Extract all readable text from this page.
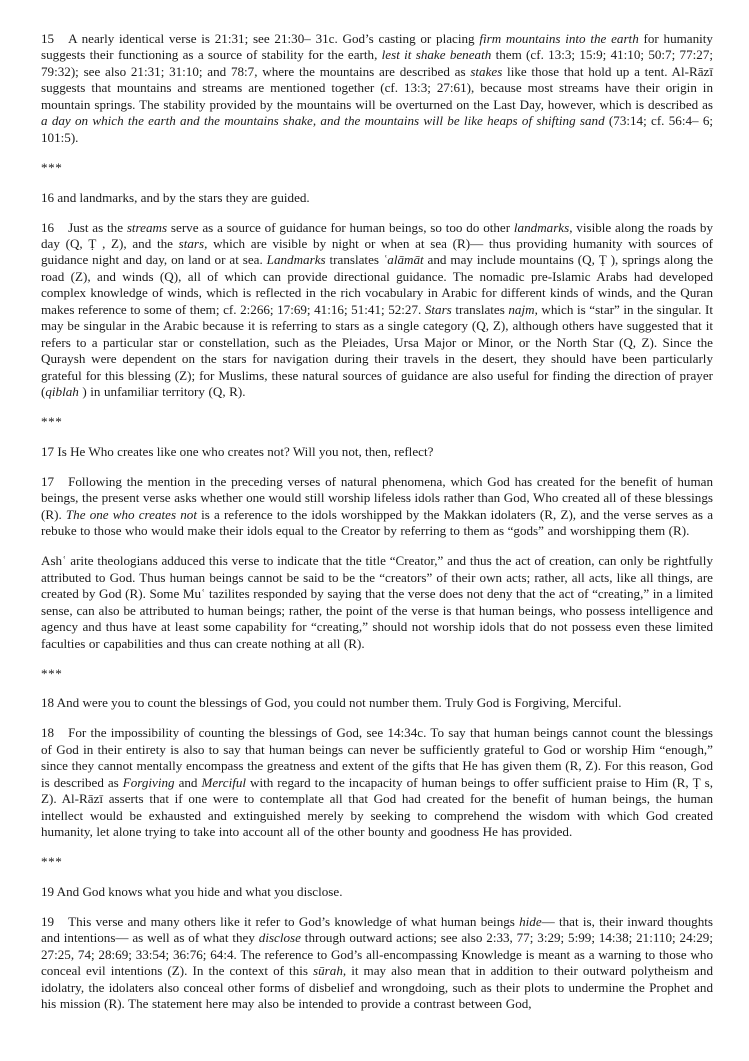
15 A nearly identical verse is 21:31; see 21:30– 31c. God’s casting or placing firm mountains into the earth for humanity suggests their functioning as a source of stability for the earth, lest it shake beneath them (cf. 13:3; 15:9; 41:10; 50:7; 77:27; 79:32); see also 21:31; 31:10; and 78:7, where the mountains are described as stakes like those that hold up a tent. Al-Rāzī suggests that mountains and streams are mentioned together (cf. 13:3; 27:61), because most streams have their origin in mountain springs. The stability provided by the mountains will be overturned on the Last Day, however, which is described as a day on which the earth and the mountains shake, and the mountains will be like heaps of shifting sand (73:14; cf. 56:4– 6; 101:5).

***

16 and landmarks, and by the stars they are guided.

16 Just as the streams serve as a source of guidance for human beings, so too do other landmarks, visible along the roads by day (Q, Ṭ , Z), and the stars, which are visible by night or when at sea (R)— thus providing humanity with sources of guidance night and day, on land or at sea. Landmarks translates ʿalāmāt and may include mountains (Q, Ṭ ), springs along the road (Z), and winds (Q), all of which can provide directional guidance. The nomadic pre-Islamic Arabs had developed complex knowledge of winds, which is reflected in the rich vocabulary in Arabic for different kinds of winds, and the Quran makes reference to some of them; cf. 2:266; 17:69; 41:16; 51:41; 52:27. Stars translates najm, which is “star” in the singular. It may be singular in the Arabic because it is referring to stars as a single category (Q, Z), although others have suggested that it refers to a particular star or constellation, such as the Pleiades, Ursa Major or Minor, or the North Star (Q, Z). Since the Quraysh were dependent on the stars for navigation during their travels in the desert, they should have been particularly grateful for this blessing (Z); for Muslims, these natural sources of guidance are also useful for finding the direction of prayer (qiblah ) in unfamiliar territory (Q, R).

***

17 Is He Who creates like one who creates not? Will you not, then, reflect?

17 Following the mention in the preceding verses of natural phenomena, which God has created for the benefit of human beings, the present verse asks whether one would still worship lifeless idols rather than God, Who created all of these blessings (R). The one who creates not is a reference to the idols worshipped by the Makkan idolaters (R, Z), and the verse serves as a rebuke to those who would make their idols equal to the Creator by referring to them as “gods” and worshipping them (R).

Ashʿ arite theologians adduced this verse to indicate that the title “Creator,” and thus the act of creation, can only be rightfully attributed to God. Thus human beings cannot be said to be the “creators” of their own acts; rather, all acts, like all things, are created by God (R). Some Muʿ tazilites responded by saying that the verse does not deny that the act of “creating,” in a limited sense, can also be attributed to human beings; rather, the point of the verse is that human beings, who possess intelligence and agency and thus have at least some capability for “creating,” should not worship idols that do not possess even these limited faculties or capabilities and thus can create nothing at all (R).

***

18 And were you to count the blessings of God, you could not number them. Truly God is Forgiving, Merciful.

18 For the impossibility of counting the blessings of God, see 14:34c. To say that human beings cannot count the blessings of God in their entirety is also to say that human beings can never be sufficiently grateful to God or worship Him “enough,” since they cannot mentally encompass the greatness and extent of the gifts that He has given them (R, Z). For this reason, God is described as Forgiving and Merciful with regard to the incapacity of human beings to offer sufficient praise to Him (R, Ṭ s, Z). Al-Rāzī asserts that if one were to contemplate all that God had created for the benefit of human beings, the human intellect would be exhausted and extinguished merely by seeking to comprehend the wisdom with which God created humanity, let alone trying to take into account all of the other bounty and goodness He has provided.

***

19 And God knows what you hide and what you disclose.

19 This verse and many others like it refer to God’s knowledge of what human beings hide— that is, their inward thoughts and intentions— as well as of what they disclose through outward actions; see also 2:33, 77; 3:29; 5:99; 14:38; 21:110; 24:29; 27:25, 74; 28:69; 33:54; 36:76; 64:4. The reference to God’s all-encompassing Knowledge is meant as a warning to those who conceal evil intentions (Z). In the context of this sūrah, it may also mean that in addition to their outward polytheism and idolatry, the idolaters also conceal other forms of disbelief and wrongdoing, such as their plots to undermine the Prophet and his mission (R). The statement here may also be intended to provide a contrast between God,
